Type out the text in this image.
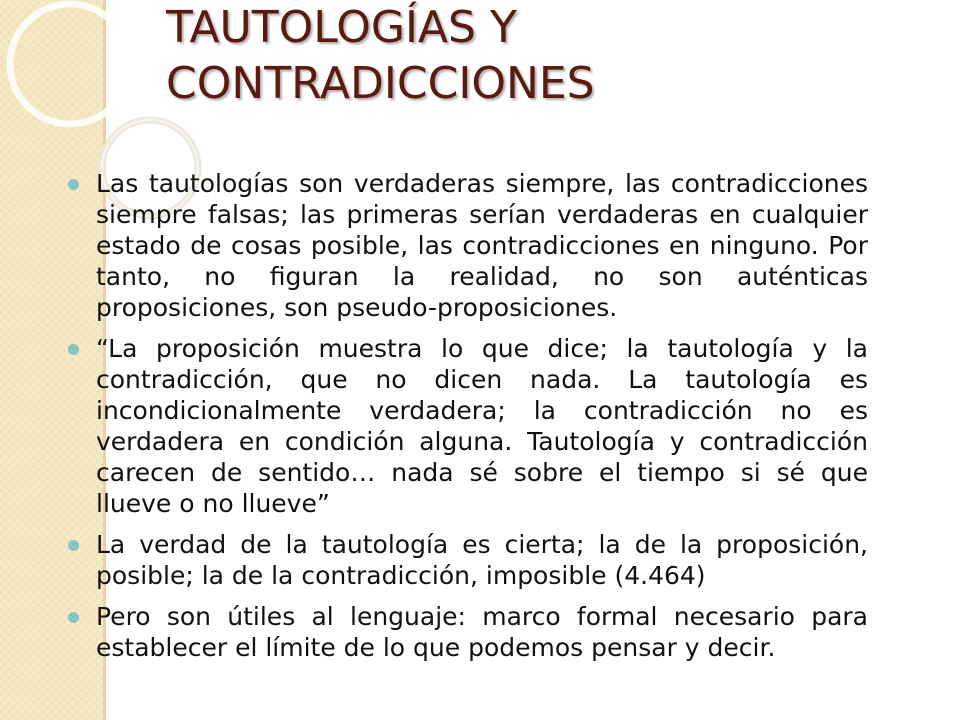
TAUTOLOGÍAS Y
CONTRADICCIONES
Las tautologías son verdaderas siempre, las contradicciones siempre falsas; las primeras serían verdaderas en cualquier estado de cosas posible, las contradicciones en ninguno. Por tanto, no figuran la realidad, no son auténticas proposiciones, son pseudo-proposiciones.
“La proposición muestra lo que dice; la tautología y la contradicción, que no dicen nada. La tautología es incondicionalmente verdadera; la contradicción no es verdadera en condición alguna. Tautología y contradicción carecen de sentido… nada sé sobre el tiempo si sé que llueve o no llueve”
La verdad de la tautología es cierta; la de la proposición, posible; la de la contradicción, imposible (4.464)
Pero son útiles al lenguaje: marco formal necesario para establecer el límite de lo que podemos pensar y decir.
